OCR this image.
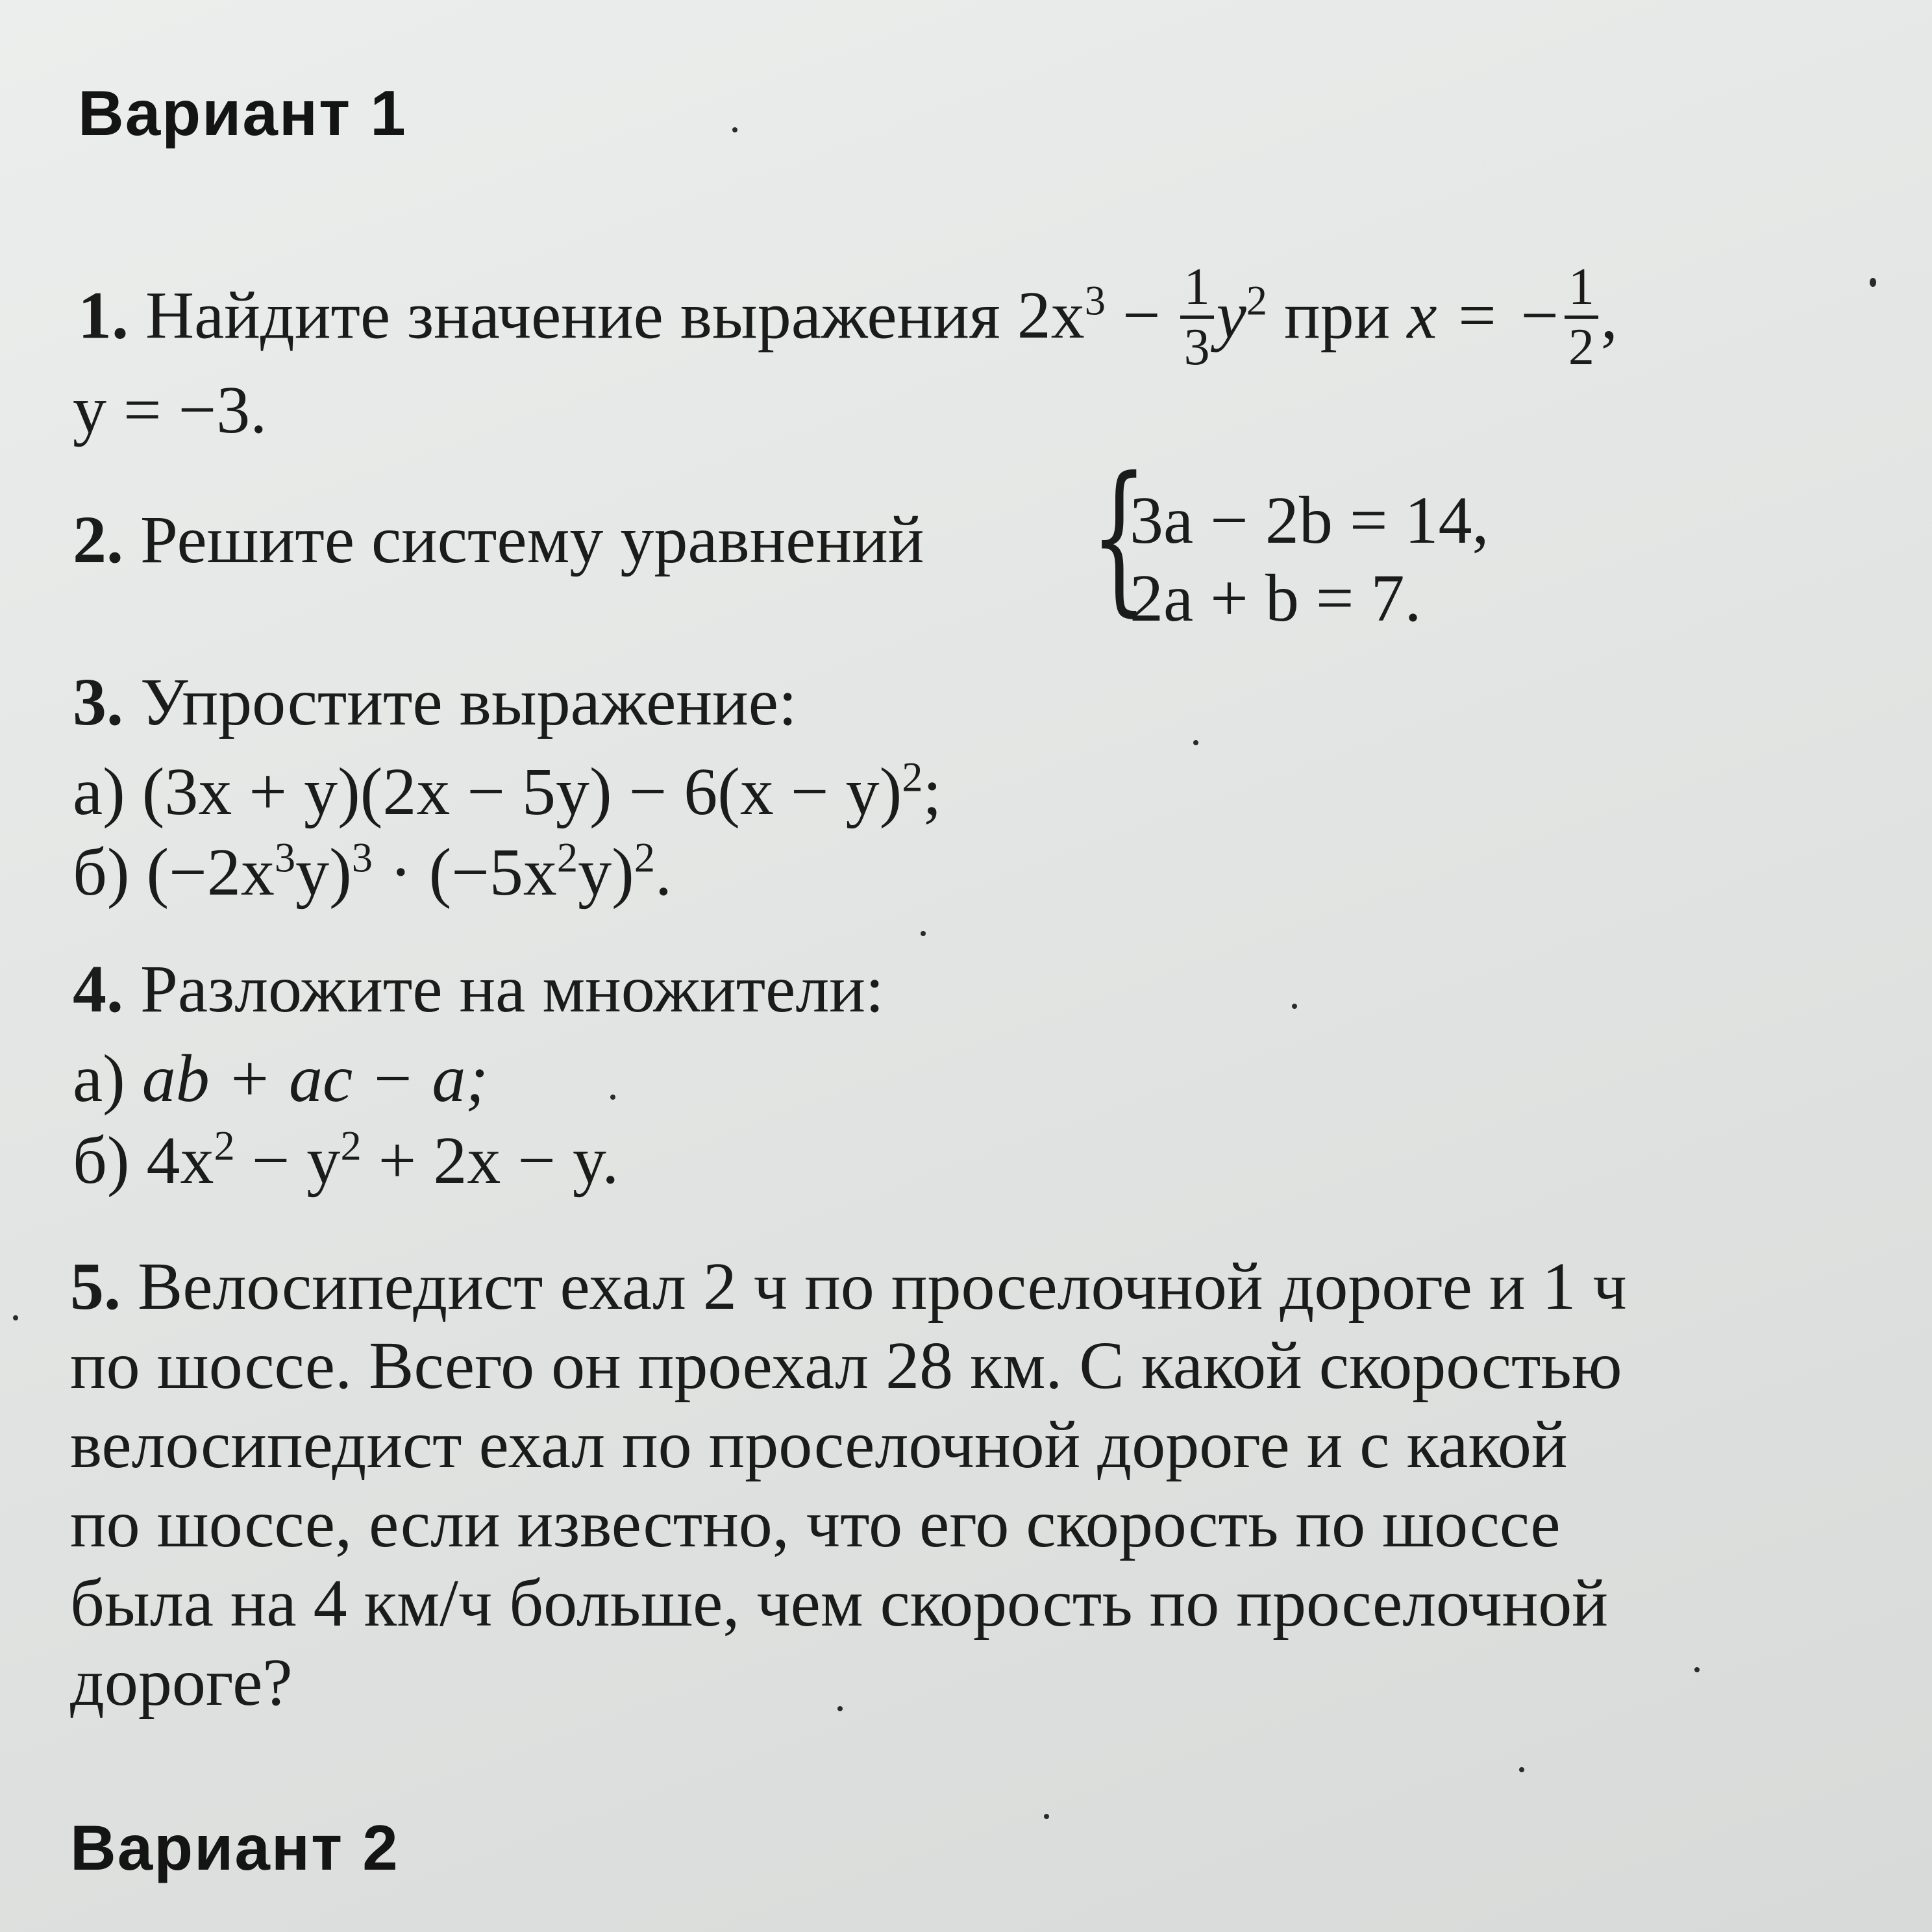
Вариант 1
1. Найдите значение выражения $2x^3 - \frac{1}{3} y^2$ при x = − $\frac{1}{2}$ ,
y = −3.
2. Решите систему уравнений {
3a − 2b = 14,
2a + b = 7.
3. Упростите выражение:
а) $(3x + y)(2x - 5y) - 6(x - y)^2$;
б) $(-2x^3y)^3 \cdot (-5x^2y)^2$.
4. Разложите на множители:
а) ab + ac − a;
б) $4x^2 - y^2 + 2x - y$.
5. Велосипедист ехал 2 ч по проселочной дороге и 1 ч
по шоссе. Всего он проехал 28 км. С какой скоростью
велосипедист ехал по проселочной дороге и с какой
по шоссе, если известно, что его скорость по шоссе
была на 4 км/ч больше, чем скорость по проселочной
дороге?
Вариант 2
